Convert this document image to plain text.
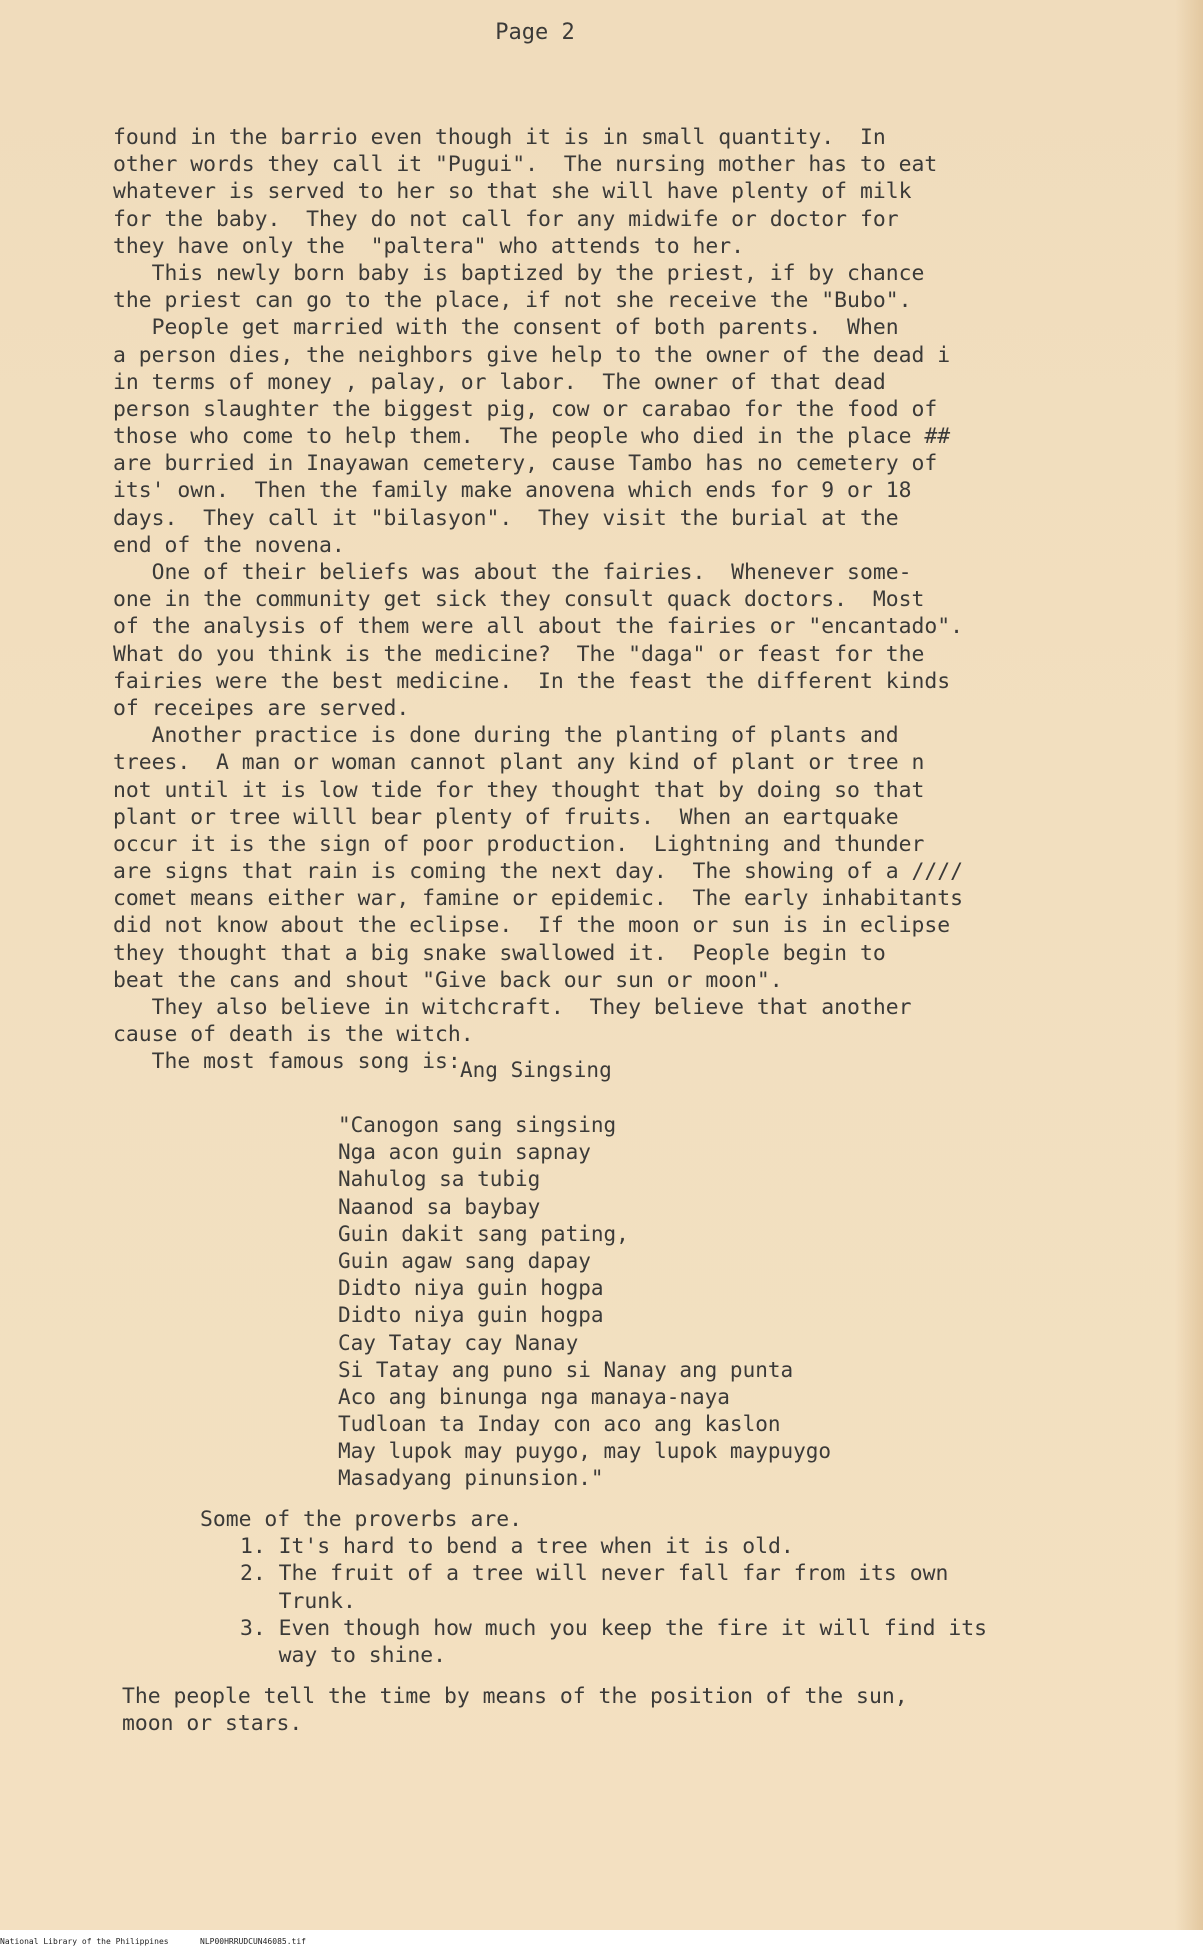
Page 2
found in the barrio even though it is in small quantity.  In
other words they call it "Pugui".  The nursing mother has to eat
whatever is served to her so that she will have plenty of milk
for the baby.  They do not call for any midwife or doctor for
they have only the  "paltera" who attends to her.
This newly born baby is baptized by the priest, if by chance
the priest can go to the place, if not she receive the "Bubo".
People get married with the consent of both parents.  When
a person dies, the neighbors give help to the owner of the dead i
in terms of money , palay, or labor.  The owner of that dead
person slaughter the biggest pig, cow or carabao for the food of
those who come to help them.  The people who died in the place ##
are burried in Inayawan cemetery, cause Tambo has no cemetery of
its' own.  Then the family make anovena which ends for 9 or 18
days.  They call it "bilasyon".  They visit the burial at the
end of the novena.
One of their beliefs was about the fairies.  Whenever some-
one in the community get sick they consult quack doctors.  Most
of the analysis of them were all about the fairies or "encantado".
What do you think is the medicine?  The "daga" or feast for the
fairies were the best medicine.  In the feast the different kinds
of receipes are served.
Another practice is done during the planting of plants and
trees.  A man or woman cannot plant any kind of plant or tree n
not until it is low tide for they thought that by doing so that
plant or tree willl bear plenty of fruits.  When an eartquake
occur it is the sign of poor production.  Lightning and thunder
are signs that rain is coming the next day.  The showing of a ////
comet means either war, famine or epidemic.  The early inhabitants
did not know about the eclipse.  If the moon or sun is in eclipse
they thought that a big snake swallowed it.  People begin to
beat the cans and shout "Give back our sun or moon".
They also believe in witchcraft.  They believe that another
cause of death is the witch.
The most famous song is: Ang Singsing
"Canogon sang singsing
Nga acon guin sapnay
Nahulog sa tubig
Naanod sa baybay
Guin dakit sang pating,
Guin agaw sang dapay
Didto niya guin hogpa
Didto niya guin hogpa
Cay Tatay cay Nanay
Si Tatay ang puno si Nanay ang punta
Aco ang binunga nga manaya-naya
Tudloan ta Inday con aco ang kaslon
May lupok may puygo, may lupok maypuygo
Masadyang pinunsion."
Some of the proverbs are.
1. It's hard to bend a tree when it is old.
2. The fruit of a tree will never fall far from its own
Trunk.
3. Even though how much you keep the fire it will find its
way to shine.
The people tell the time by means of the position of the sun,
moon or stars.
National Library of the Philippines	NLP00HRRUDCUN46085.tif
